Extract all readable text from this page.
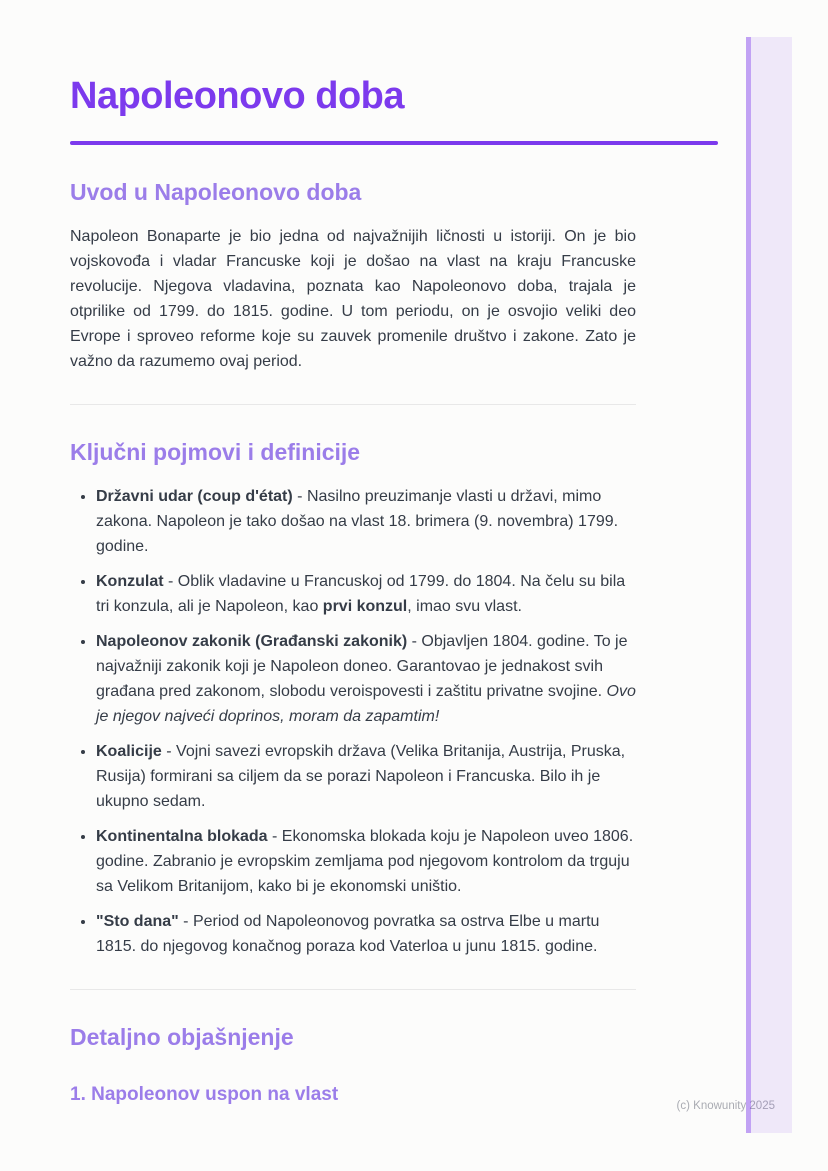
Napoleonovo doba
Uvod u Napoleonovo doba

Napoleon Bonaparte je bio jedna od najvažnijih ličnosti u istoriji. On je bio vojskovođa i vladar Francuske koji je došao na vlast na kraju Francuske revolucije. Njegova vladavina, poznata kao Napoleonovo doba, trajala je otprilike od 1799. do 1815. godine. U tom periodu, on je osvojio veliki deo Evrope i sproveo reforme koje su zauvek promenile društvo i zakone. Zato je važno da razumemo ovaj period.

Ključni pojmovi i definicije
• Državni udar (coup d'état) - Nasilno preuzimanje vlasti u državi, mimo zakona. Napoleon je tako došao na vlast 18. brimera (9. novembra) 1799. godine.
• Konzulat - Oblik vladavine u Francuskoj od 1799. do 1804. Na čelu su bila tri konzula, ali je Napoleon, kao prvi konzul, imao svu vlast.
• Napoleonov zakonik (Građanski zakonik) - Objavljen 1804. godine. To je najvažniji zakonik koji je Napoleon doneo. Garantovao je jednakost svih građana pred zakonom, slobodu veroispovesti i zaštitu privatne svojine. Ovo je njegov najveći doprinos, moram da zapamtim!
• Koalicije - Vojni savezi evropskih država (Velika Britanija, Austrija, Pruska, Rusija) formirani sa ciljem da se porazi Napoleon i Francuska. Bilo ih je ukupno sedam.
• Kontinentalna blokada - Ekonomska blokada koju je Napoleon uveo 1806. godine. Zabranio je evropskim zemljama pod njegovom kontrolom da trguju sa Velikom Britanijom, kako bi je ekonomski uništio.
• "Sto dana" - Period od Napoleonovog povratka sa ostrva Elbe u martu 1815. do njegovog konačnog poraza kod Vaterloa u junu 1815. godine.
Detaljno objašnjenje
1. Napoleonov uspon na vlast
(c) Knowunity 2025
